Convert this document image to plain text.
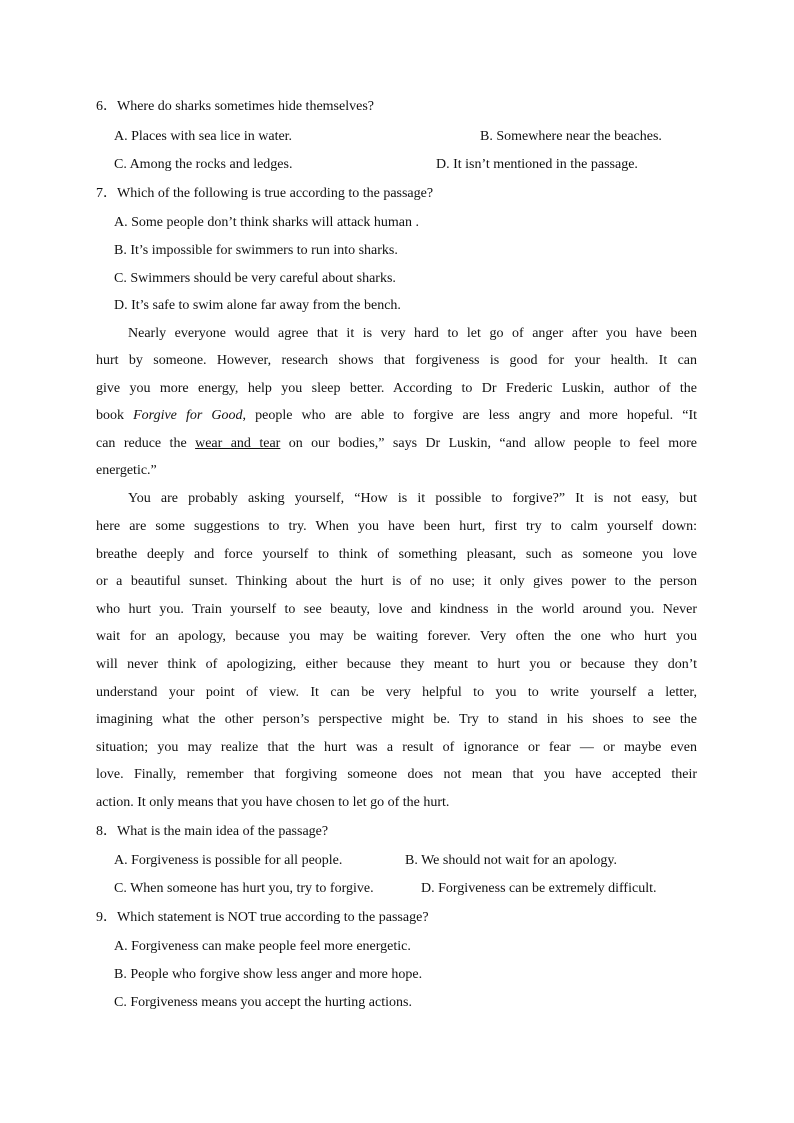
6．Where do sharks sometimes hide themselves?
A. Places with sea lice in water.	B. Somewhere near the beaches.
C. Among the rocks and ledges.	D. It isn’t mentioned in the passage.
7．Which of the following is true according to the passage?
A. Some people don’t think sharks will attack human .
B. It’s impossible for swimmers to run into sharks.
C. Swimmers should be very careful about sharks.
D. It’s safe to swim alone far away from the bench.
Nearly everyone would agree that it is very hard to let go of anger after you have been
hurt by someone. However, research shows that forgiveness is good for your health. It can
give you more energy, help you sleep better. According to Dr Frederic Luskin, author of the
book Forgive for Good, people who are able to forgive are less angry and more hopeful. “It
can reduce the wear and tear on our bodies,” says Dr Luskin, “and allow people to feel more
energetic.”
You are probably asking yourself, “How is it possible to forgive?” It is not easy, but
here are some suggestions to try. When you have been hurt, first try to calm yourself down:
breathe deeply and force yourself to think of something pleasant, such as someone you love
or a beautiful sunset. Thinking about the hurt is of no use; it only gives power to the person
who hurt you. Train yourself to see beauty, love and kindness in the world around you. Never
wait for an apology, because you may be waiting forever. Very often the one who hurt you
will never think of apologizing, either because they meant to hurt you or because they don’t
understand your point of view. It can be very helpful to you to write yourself a letter,
imagining what the other person’s perspective might be. Try to stand in his shoes to see the
situation; you may realize that the hurt was a result of ignorance or fear — or maybe even
love. Finally, remember that forgiving someone does not mean that you have accepted their
action. It only means that you have chosen to let go of the hurt.
8．What is the main idea of the passage?
A. Forgiveness is possible for all people.	B. We should not wait for an apology.
C. When someone has hurt you, try to forgive.	D. Forgiveness can be extremely difficult.
9．Which statement is NOT true according to the passage?
A. Forgiveness can make people feel more energetic.
B. People who forgive show less anger and more hope.
C. Forgiveness means you accept the hurting actions.
